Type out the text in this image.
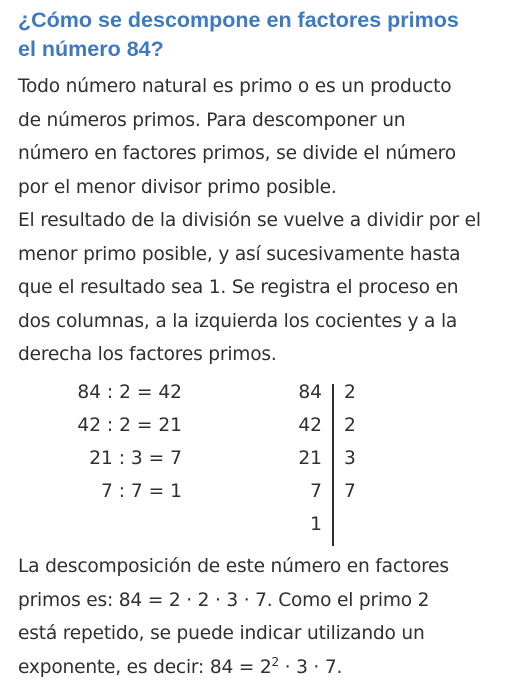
¿Cómo se descompone en factores primos
el número 84?

Todo número natural es primo o es un producto
de números primos. Para descomponer un
número en factores primos, se divide el número
por el menor divisor primo posible.
El resultado de la división se vuelve a dividir por el
menor primo posible, y así sucesivamente hasta
que el resultado sea 1. Se registra el proceso en
dos columnas, a la izquierda los cocientes y a la
derecha los factores primos.

84 : 2 = 42
42 : 2 = 21
21 : 3 = 7
7 : 7 = 1
84
42
21
7
1
2
2
3
7

La descomposición de este número en factores
primos es: 84 = 2 · 2 · 3 · 7. Como el primo 2
está repetido, se puede indicar utilizando un
exponente, es decir: $84 = 2^2 \cdot 3 \cdot 7$.
